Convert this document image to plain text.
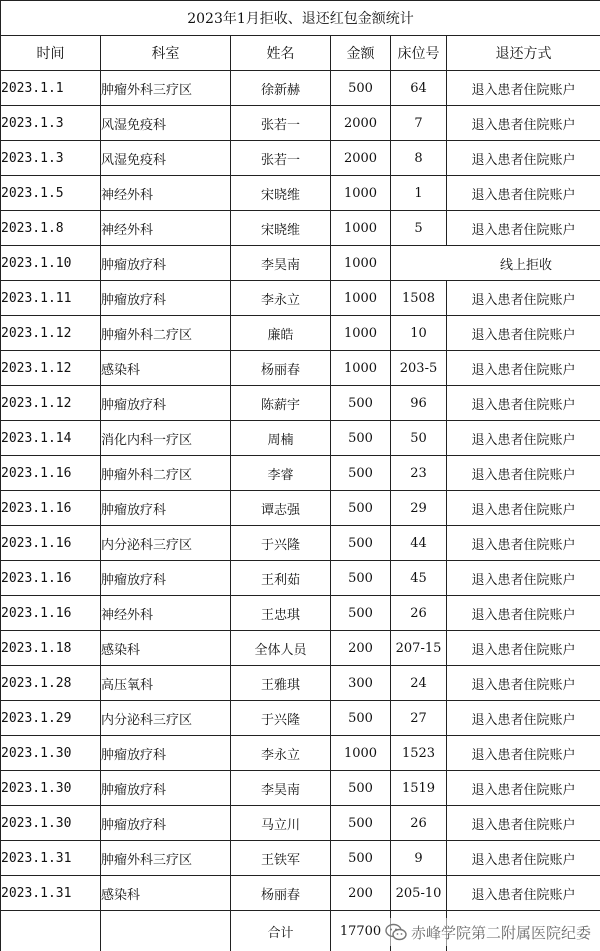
2023年1月拒收、退还红包金额统计					
时间	科室	姓名	金额	床位号	退还方式
2023.1.1	肿瘤外科三疗区	徐新赫	500	64	退入患者住院账户
2023.1.3	风湿免疫科	张若一	2000	7	退入患者住院账户
2023.1.3	风湿免疫科	张若一	2000	8	退入患者住院账户
2023.1.5	神经外科	宋晓维	1000	1	退入患者住院账户
2023.1.8	神经外科	宋晓维	1000	5	退入患者住院账户
2023.1.10	肿瘤放疗科	李昊南	1000	线上拒收	
2023.1.11	肿瘤放疗科	李永立	1000	1508	退入患者住院账户
2023.1.12	肿瘤外科二疗区	廉皓	1000	10	退入患者住院账户
2023.1.12	感染科	杨丽春	1000	203-5	退入患者住院账户
2023.1.12	肿瘤放疗科	陈薪宇	500	96	退入患者住院账户
2023.1.14	消化内科一疗区	周楠	500	50	退入患者住院账户
2023.1.16	肿瘤外科二疗区	李睿	500	23	退入患者住院账户
2023.1.16	肿瘤放疗科	谭志强	500	29	退入患者住院账户
2023.1.16	内分泌科三疗区	于兴隆	500	44	退入患者住院账户
2023.1.16	肿瘤放疗科	王利茹	500	45	退入患者住院账户
2023.1.16	神经外科	王忠琪	500	26	退入患者住院账户
2023.1.18	感染科	全体人员	200	207-15	退入患者住院账户
2023.1.28	高压氧科	王雅琪	300	24	退入患者住院账户
2023.1.29	内分泌科三疗区	于兴隆	500	27	退入患者住院账户
2023.1.30	肿瘤放疗科	李永立	1000	1523	退入患者住院账户
2023.1.30	肿瘤放疗科	李昊南	500	1519	退入患者住院账户
2023.1.30	肿瘤放疗科	马立川	500	26	退入患者住院账户
2023.1.31	肿瘤外科三疗区	王铁军	500	9	退入患者住院账户
2023.1.31	感染科	杨丽春	200	205-10	退入患者住院账户
		合计	17700		赤峰学院第二附属医院纪委
